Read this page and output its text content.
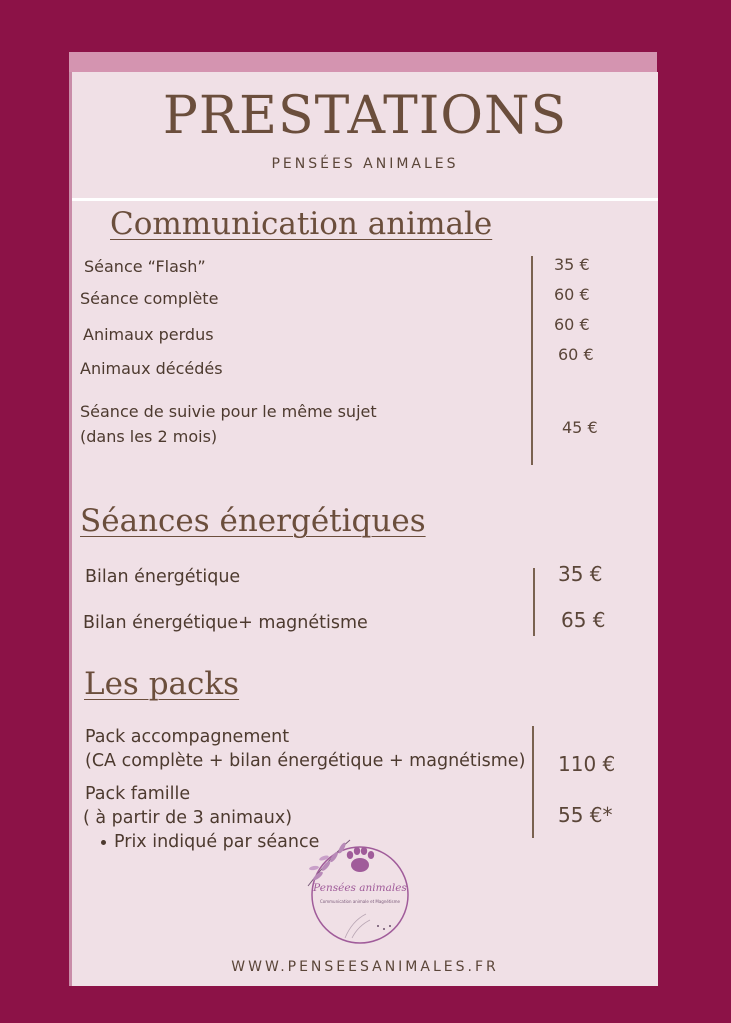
PRESTATIONS
PENSÉES ANIMALES
Communication animale
Séance “Flash”
Séance complète
Animaux perdus
Animaux décédés
Séance de suivie pour le même sujet
(dans les 2 mois)
35 €
60 €
60 €
60 €
45 €
Séances énergétiques
Bilan énergétique
Bilan énergétique+ magnétisme
35 €
65 €
Les packs
Pack accompagnement
(CA complète + bilan énergétique + magnétisme)
Pack famille
( à partir de 3 animaux)
Prix indiqué par séance
110 €
55 €*
Pensées animales
Communication animale et Magnétisme
WWW.PENSEESANIMALES.FR
